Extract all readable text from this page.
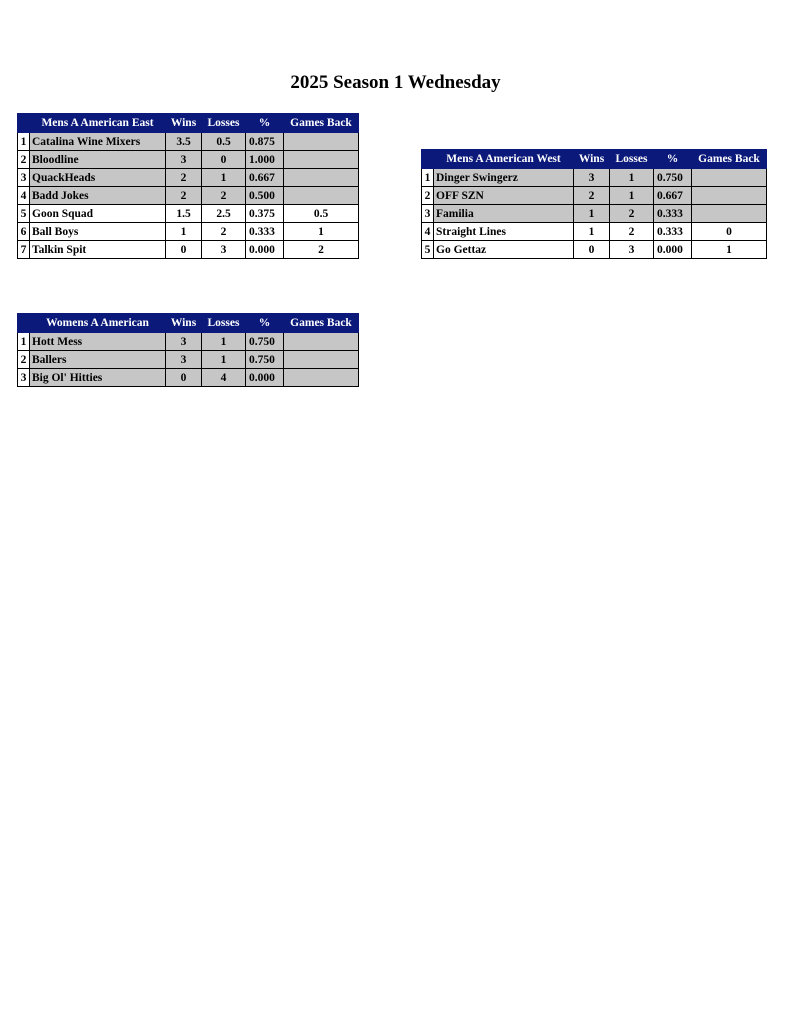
2025 Season 1 Wednesday
	Mens A American East	Wins	Losses	%	Games Back
1	Catalina Wine Mixers	3.5	0.5	0.875	
2	Bloodline	3	0	1.000	
3	QuackHeads	2	1	0.667	
4	Badd Jokes	2	2	0.500	
5	Goon Squad	1.5	2.5	0.375	0.5
6	Ball Boys	1	2	0.333	1
7	Talkin Spit	0	3	0.000	2
	Mens A American West	Wins	Losses	%	Games Back
1	Dinger Swingerz	3	1	0.750	
2	OFF SZN	2	1	0.667	
3	Familia	1	2	0.333	
4	Straight Lines	1	2	0.333	0
5	Go Gettaz	0	3	0.000	1
	Womens A American	Wins	Losses	%	Games Back
1	Hott Mess	3	1	0.750	
2	Ballers	3	1	0.750	
3	Big Ol' Hitties	0	4	0.000	
